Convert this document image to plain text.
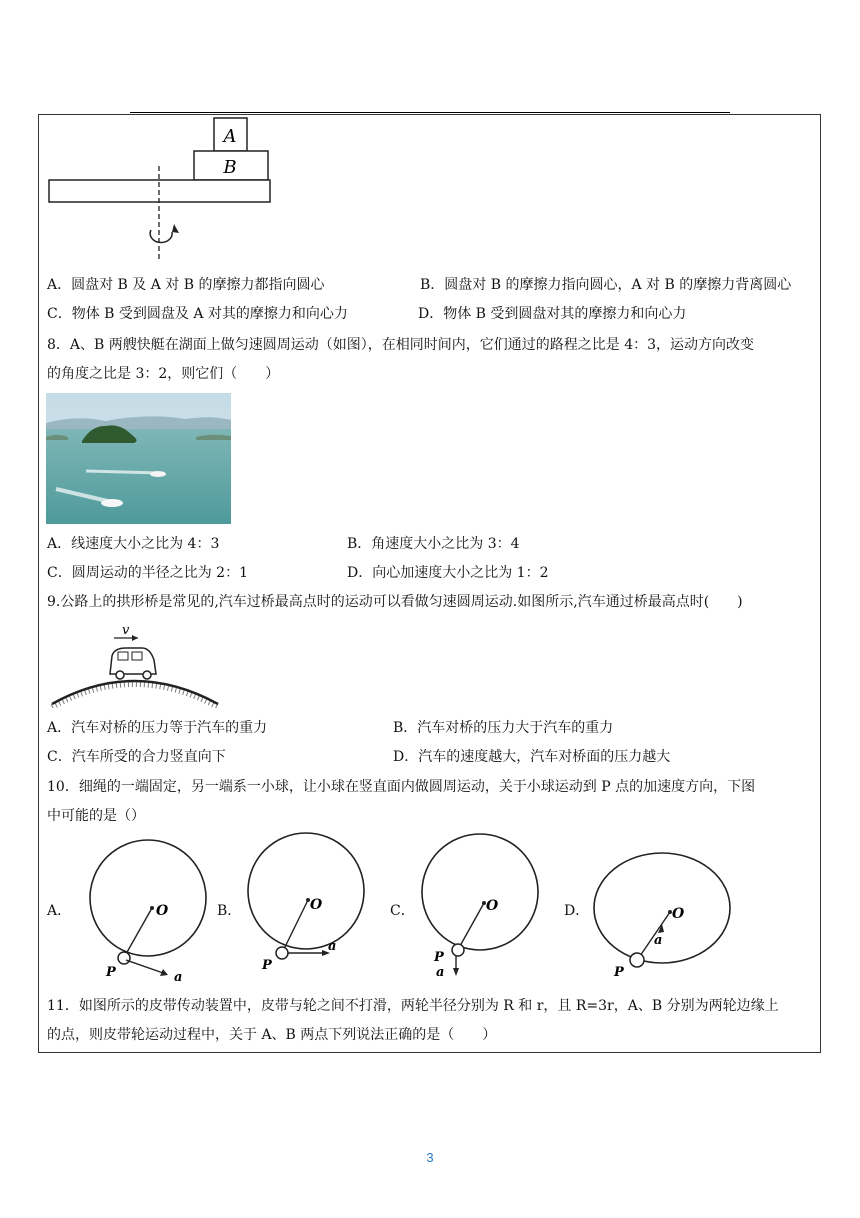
A
B
A．圆盘对 B 及 A 对 B 的摩擦力都指向圆心	B．圆盘对 B 的摩擦力指向圆心，A 对 B 的摩擦力背离圆心
C．物体 B 受到圆盘及 A 对其的摩擦力和向心力	D．物体 B 受到圆盘对其的摩擦力和向心力
8．A、B 两艘快艇在湖面上做匀速圆周运动（如图），在相同时间内，它们通过的路程之比是 4：3，运动方向改变
的角度之比是 3：2，则它们（　　）
A．线速度大小之比为 4：3	B．角速度大小之比为 3：4
C．圆周运动的半径之比为 2：1	D．向心加速度大小之比为 1：2
9.公路上的拱形桥是常见的,汽车过桥最高点时的运动可以看做匀速圆周运动.如图所示,汽车通过桥最高点时(　　)
v
A．汽车对桥的压力等于汽车的重力	B．汽车对桥的压力大于汽车的重力
C．汽车所受的合力竖直向下	D．汽车的速度越大，汽车对桥面的压力越大
10．细绳的一端固定，另一端系一小球，让小球在竖直面内做圆周运动，关于小球运动到 P 点的加速度方向，下图
中可能的是（）
A．	B．	C．	D．
O
P	a
O
P
a
O
P
a
O
P
a
11．如图所示的皮带传动装置中，皮带与轮之间不打滑，两轮半径分别为 R 和 r，且 R=3r，A、B 分别为两轮边缘上
的点，则皮带轮运动过程中，关于 A、B 两点下列说法正确的是（　　）
3
